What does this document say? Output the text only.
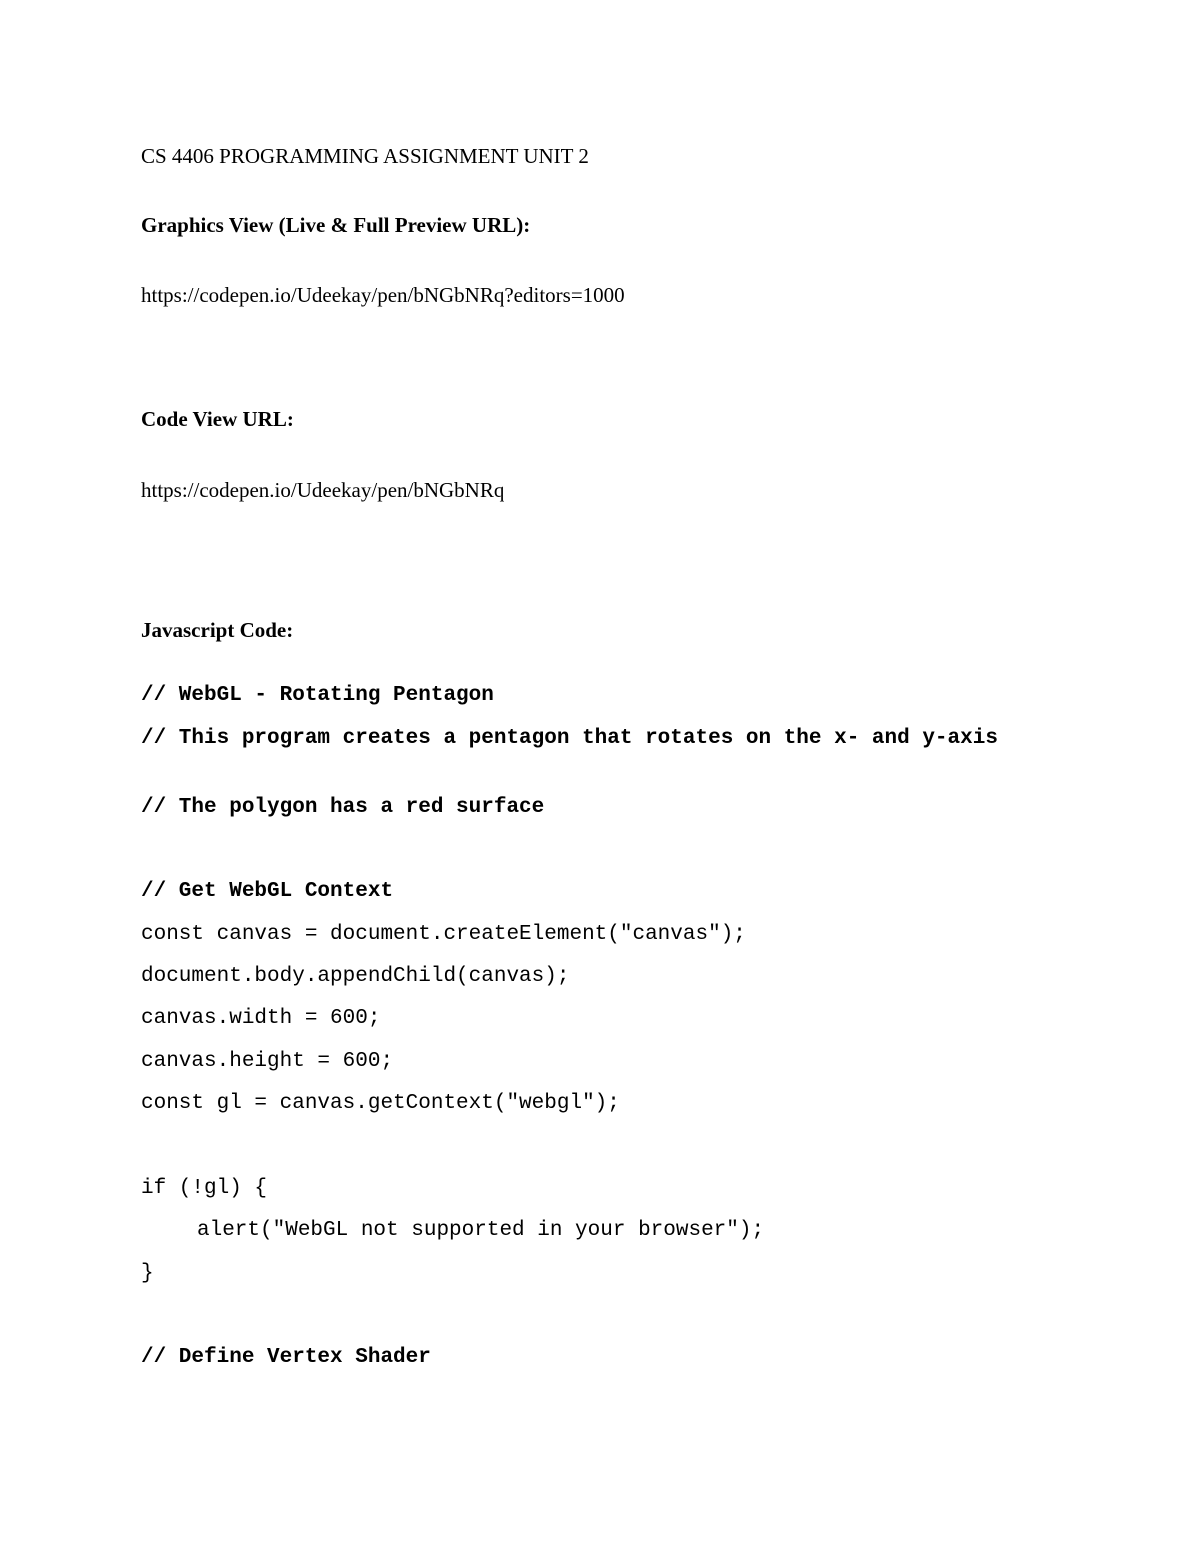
CS 4406 PROGRAMMING ASSIGNMENT UNIT 2
Graphics View (Live & Full Preview URL):
https://codepen.io/Udeekay/pen/bNGbNRq?editors=1000
Code View URL:
https://codepen.io/Udeekay/pen/bNGbNRq
Javascript Code:
// WebGL - Rotating Pentagon
// This program creates a pentagon that rotates on the x- and y-axis
// The polygon has a red surface
// Get WebGL Context
const canvas = document.createElement("canvas");
document.body.appendChild(canvas);
canvas.width = 600;
canvas.height = 600;
const gl = canvas.getContext("webgl");
if (!gl) {
alert("WebGL not supported in your browser");
}
// Define Vertex Shader
